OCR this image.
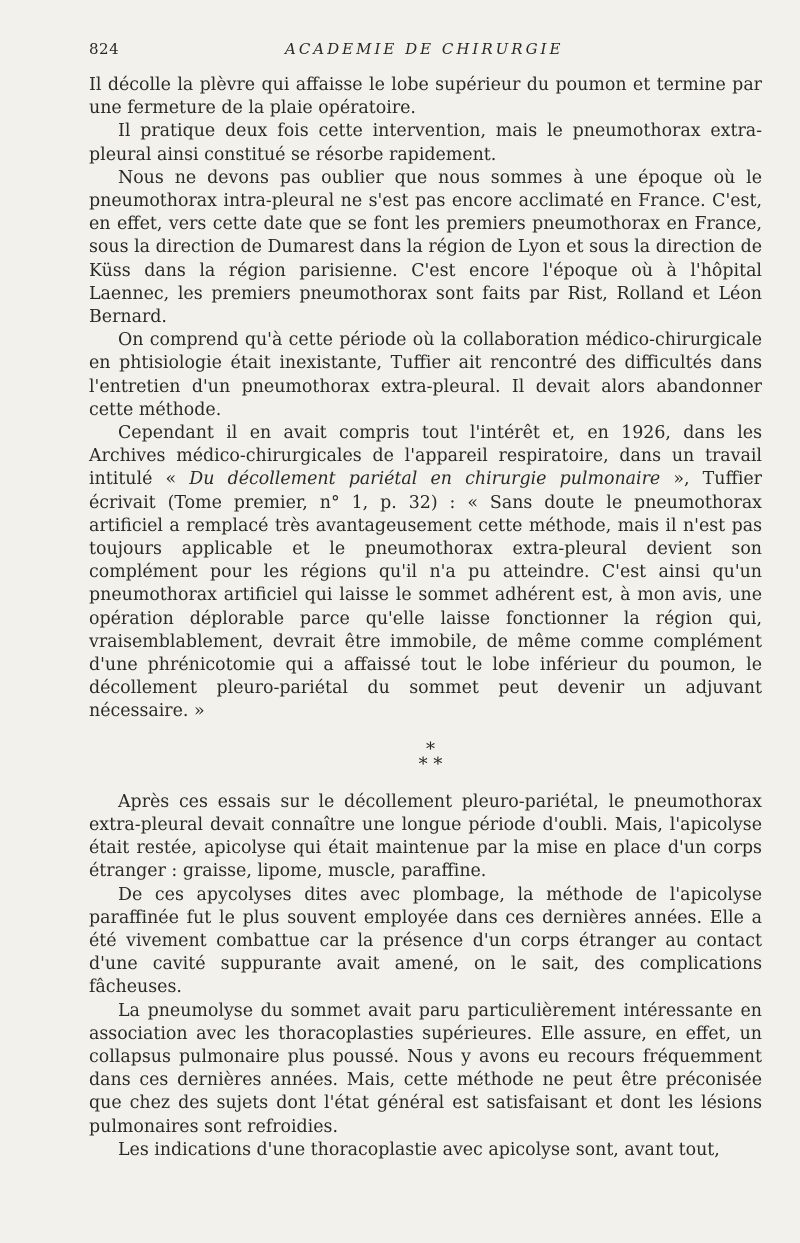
824	ACADEMIE DE CHIRURGIE

Il décolle la plèvre qui affaisse le lobe supérieur du poumon et termine par une fermeture de la plaie opératoire.

Il pratique deux fois cette intervention, mais le pneumothorax extra-pleural ainsi constitué se résorbe rapidement.

Nous ne devons pas oublier que nous sommes à une époque où le pneumothorax intra-pleural ne s'est pas encore acclimaté en France. C'est, en effet, vers cette date que se font les premiers pneumothorax en France, sous la direction de Dumarest dans la région de Lyon et sous la direction de Küss dans la région parisienne. C'est encore l'époque où à l'hôpital Laennec, les premiers pneumothorax sont faits par Rist, Rolland et Léon Bernard.

On comprend qu'à cette période où la collaboration médico-chirurgicale en phtisiologie était inexistante, Tuffier ait rencontré des difficultés dans l'entretien d'un pneumothorax extra-pleural. Il devait alors abandonner cette méthode.

Cependant il en avait compris tout l'intérêt et, en 1926, dans les Archives médico-chirurgicales de l'appareil respiratoire, dans un travail intitulé « Du décollement pariétal en chirurgie pulmonaire », Tuffier écrivait (Tome premier, n° 1, p. 32) : « Sans doute le pneumothorax artificiel a remplacé très avantageusement cette méthode, mais il n'est pas toujours applicable et le pneumothorax extra-pleural devient son complément pour les régions qu'il n'a pu atteindre. C'est ainsi qu'un pneumothorax artificiel qui laisse le sommet adhérent est, à mon avis, une opération déplorable parce qu'elle laisse fonctionner la région qui, vraisemblablement, devrait être immobile, de même comme complément d'une phrénicotomie qui a affaissé tout le lobe inférieur du poumon, le décollement pleuro-pariétal du sommet peut devenir un adjuvant nécessaire. »

*
* *

Après ces essais sur le décollement pleuro-pariétal, le pneumothorax extra-pleural devait connaître une longue période d'oubli. Mais, l'apicolyse était restée, apicolyse qui était maintenue par la mise en place d'un corps étranger : graisse, lipome, muscle, paraffine.

De ces apycolyses dites avec plombage, la méthode de l'apicolyse paraffinée fut le plus souvent employée dans ces dernières années. Elle a été vivement combattue car la présence d'un corps étranger au contact d'une cavité suppurante avait amené, on le sait, des complications fâcheuses.

La pneumolyse du sommet avait paru particulièrement intéressante en association avec les thoracoplasties supérieures. Elle assure, en effet, un collapsus pulmonaire plus poussé. Nous y avons eu recours fréquemment dans ces dernières années. Mais, cette méthode ne peut être préconisée que chez des sujets dont l'état général est satisfaisant et dont les lésions pulmonaires sont refroidies.

Les indications d'une thoracoplastie avec apicolyse sont, avant tout,
